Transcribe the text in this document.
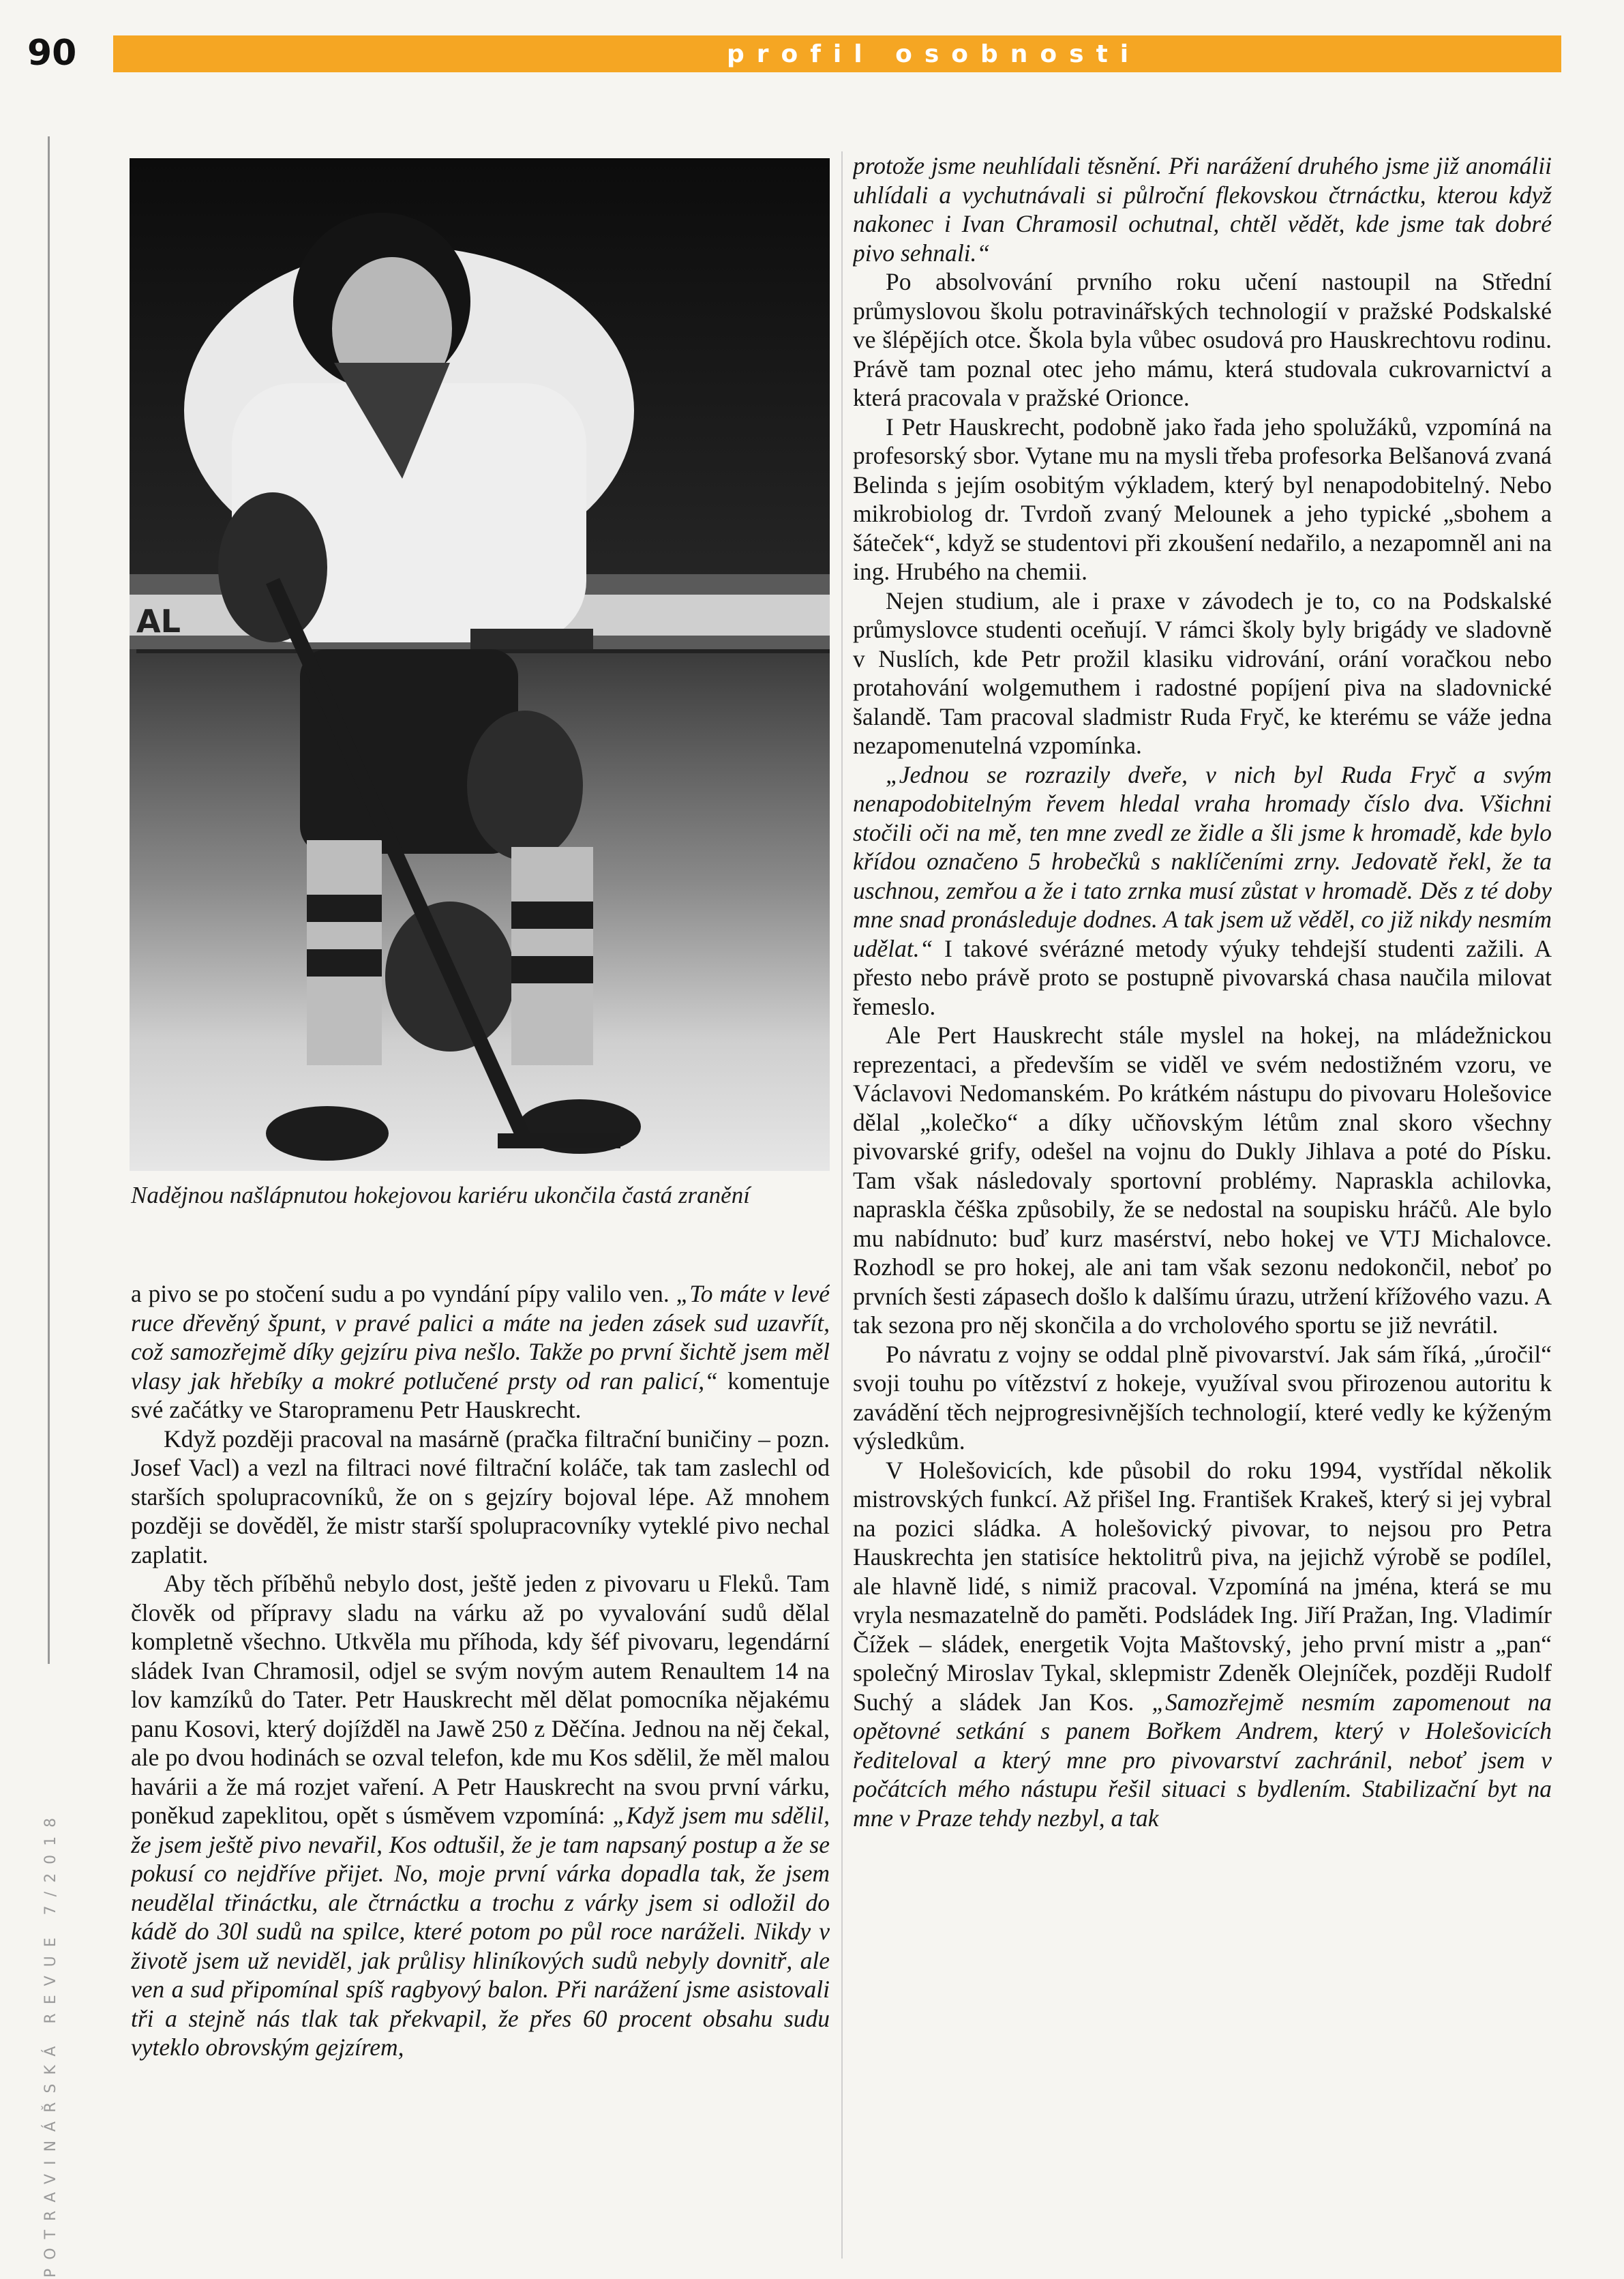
90	profil osobnosti
POTRAVINÁŘSKÁ REVUE 7/2018
AL
Nadějnou našlápnutou hokejovou kariéru ukončila častá zranění

a pivo se po stočení sudu a po vyndání pípy valilo ven. „To máte v levé ruce dřevěný špunt, v pravé palici a máte na jeden zásek sud uzavřít, což samozřejmě díky gejzíru piva nešlo. Takže po první šichtě jsem měl vlasy jak hřebíky a mokré potlučené prsty od ran palicí,“ komentuje své začátky ve Staropramenu Petr Hauskrecht.

Když později pracoval na masárně (pračka filtrační buničiny – pozn. Josef Vacl) a vezl na filtraci nové filtrační koláče, tak tam zaslechl od starších spolupracovníků, že on s gejzíry bojoval lépe. Až mnohem později se dověděl, že mistr starší spolupracovníky vyteklé pivo nechal zaplatit.

Aby těch příběhů nebylo dost, ještě jeden z pivovaru u Fleků. Tam člověk od přípravy sladu na várku až po vyvalování sudů dělal kompletně všechno. Utkvěla mu příhoda, kdy šéf pivovaru, legendární sládek Ivan Chramosil, odjel se svým novým autem Renaultem 14 na lov kamzíků do Tater. Petr Hauskrecht měl dělat pomocníka nějakému panu Kosovi, který dojížděl na Jawě 250 z Děčína. Jednou na něj čekal, ale po dvou hodinách se ozval telefon, kde mu Kos sdělil, že měl malou havárii a že má rozjet vaření. A Petr Hauskrecht na svou první várku, poněkud zapeklitou, opět s úsměvem vzpomíná: „Když jsem mu sdělil, že jsem ještě pivo nevařil, Kos odtušil, že je tam napsaný postup a že se pokusí co nejdříve přijet. No, moje první várka dopadla tak, že jsem neudělal třináctku, ale čtrnáctku a trochu z várky jsem si odložil do kádě do 30l sudů na spilce, které potom po půl roce naráželi. Nikdy v životě jsem už neviděl, jak průlisy hliníkových sudů nebyly dovnitř, ale ven a sud připomínal spíš ragbyový balon. Při narážení jsme asistovali tři a stejně nás tlak tak překvapil, že přes 60 procent obsahu sudu vyteklo obrovským gejzírem,

protože jsme neuhlídali těsnění. Při narážení druhého jsme již anomálii uhlídali a vychutnávali si půlroční flekovskou čtrnáctku, kterou když nakonec i Ivan Chramosil ochutnal, chtěl vědět, kde jsme tak dobré pivo sehnali.“

Po absolvování prvního roku učení nastoupil na Střední průmyslovou školu potravinářských technologií v pražské Podskalské ve šlépějích otce. Škola byla vůbec osudová pro Hauskrechtovu rodinu. Právě tam poznal otec jeho mámu, která studovala cukrovarnictví a která pracovala v pražské Orionce.

I Petr Hauskrecht, podobně jako řada jeho spolužáků, vzpomíná na profesorský sbor. Vytane mu na mysli třeba profesorka Belšanová zvaná Belinda s jejím osobitým výkladem, který byl nenapodobitelný. Nebo mikrobiolog dr. Tvrdoň zvaný Melounek a jeho typické „sbohem a šáteček“, když se studentovi při zkoušení nedařilo, a nezapomněl ani na ing. Hrubého na chemii.

Nejen studium, ale i praxe v závodech je to, co na Podskalské průmyslovce studenti oceňují. V rámci školy byly brigády ve sladovně v Nuslích, kde Petr prožil klasiku vidrování, orání voračkou nebo protahování wolgemuthem i radostné popíjení piva na sladovnické šalandě. Tam pracoval sladmistr Ruda Fryč, ke kterému se váže jedna nezapomenutelná vzpomínka.

„Jednou se rozrazily dveře, v nich byl Ruda Fryč a svým nenapodobitelným řevem hledal vraha hromady číslo dva. Všichni stočili oči na mě, ten mne zvedl ze židle a šli jsme k hromadě, kde bylo křídou označeno 5 hrobečků s naklíčeními zrny. Jedovatě řekl, že ta uschnou, zemřou a že i tato zrnka musí zůstat v hromadě. Děs z té doby mne snad pronásleduje dodnes. A tak jsem už věděl, co již nikdy nesmím udělat.“ I takové svérázné metody výuky tehdejší studenti zažili. A přesto nebo právě proto se postupně pivovarská chasa naučila milovat řemeslo.

Ale Pert Hauskrecht stále myslel na hokej, na mládežnickou reprezentaci, a především se viděl ve svém nedostižném vzoru, ve Václavovi Nedomanském. Po krátkém nástupu do pivovaru Holešovice dělal „kolečko“ a díky učňovským létům znal skoro všechny pivovarské grify, odešel na vojnu do Dukly Jihlava a poté do Písku. Tam však následovaly sportovní problémy. Napraskla achilovka, napraskla čéška způsobily, že se nedostal na soupisku hráčů. Ale bylo mu nabídnuto: buď kurz masérství, nebo hokej ve VTJ Michalovce. Rozhodl se pro hokej, ale ani tam však sezonu nedokončil, neboť po prvních šesti zápasech došlo k dalšímu úrazu, utržení křížového vazu. A tak sezona pro něj skončila a do vrcholového sportu se již nevrátil.

Po návratu z vojny se oddal plně pivovarství. Jak sám říká, „úročil“ svoji touhu po vítězství z hokeje, využíval svou přirozenou autoritu k zavádění těch nejprogresivnějších technologií, které vedly ke kýženým výsledkům.

V Holešovicích, kde působil do roku 1994, vystřídal několik mistrovských funkcí. Až přišel Ing. František Krakeš, který si jej vybral na pozici sládka. A holešovický pivovar, to nejsou pro Petra Hauskrechta jen statisíce hektolitrů piva, na jejichž výrobě se podílel, ale hlavně lidé, s nimiž pracoval. Vzpomíná na jména, která se mu vryla nesmazatelně do paměti. Podsládek Ing. Jiří Pražan, Ing. Vladimír Čížek – sládek, energetik Vojta Maštovský, jeho první mistr a „pan“ společný Miroslav Tykal, sklepmistr Zdeněk Olejníček, později Rudolf Suchý a sládek Jan Kos. „Samozřejmě nesmím zapomenout na opětovné setkání s panem Bořkem Andrem, který v Holešovicích řediteloval a který mne pro pivovarství zachránil, neboť jsem v počátcích mého nástupu řešil situaci s bydlením. Stabilizační byt na mne v Praze tehdy nezbyl, a tak
